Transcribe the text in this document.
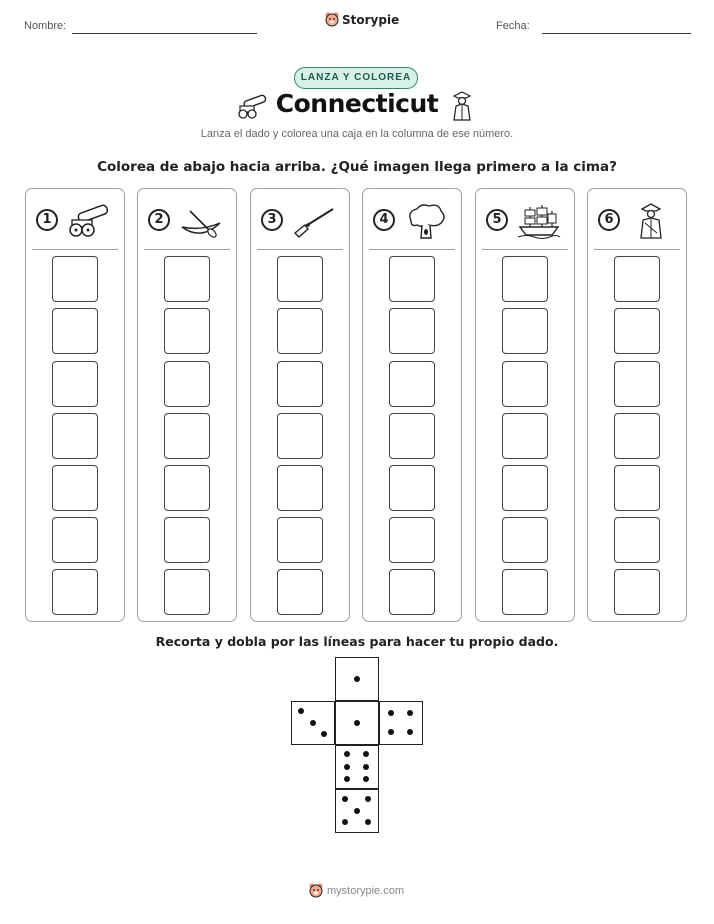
Nombre:	Storypie	Fecha:
LANZA Y COLOREA
Connecticut
Lanza el dado y colorea una caja en la columna de ese número.
Colorea de abajo hacia arriba. ¿Qué imagen llega primero a la cima?
1	2	3	4	5	6
Recorta y dobla por las líneas para hacer tu propio dado.
mystorypie.com
